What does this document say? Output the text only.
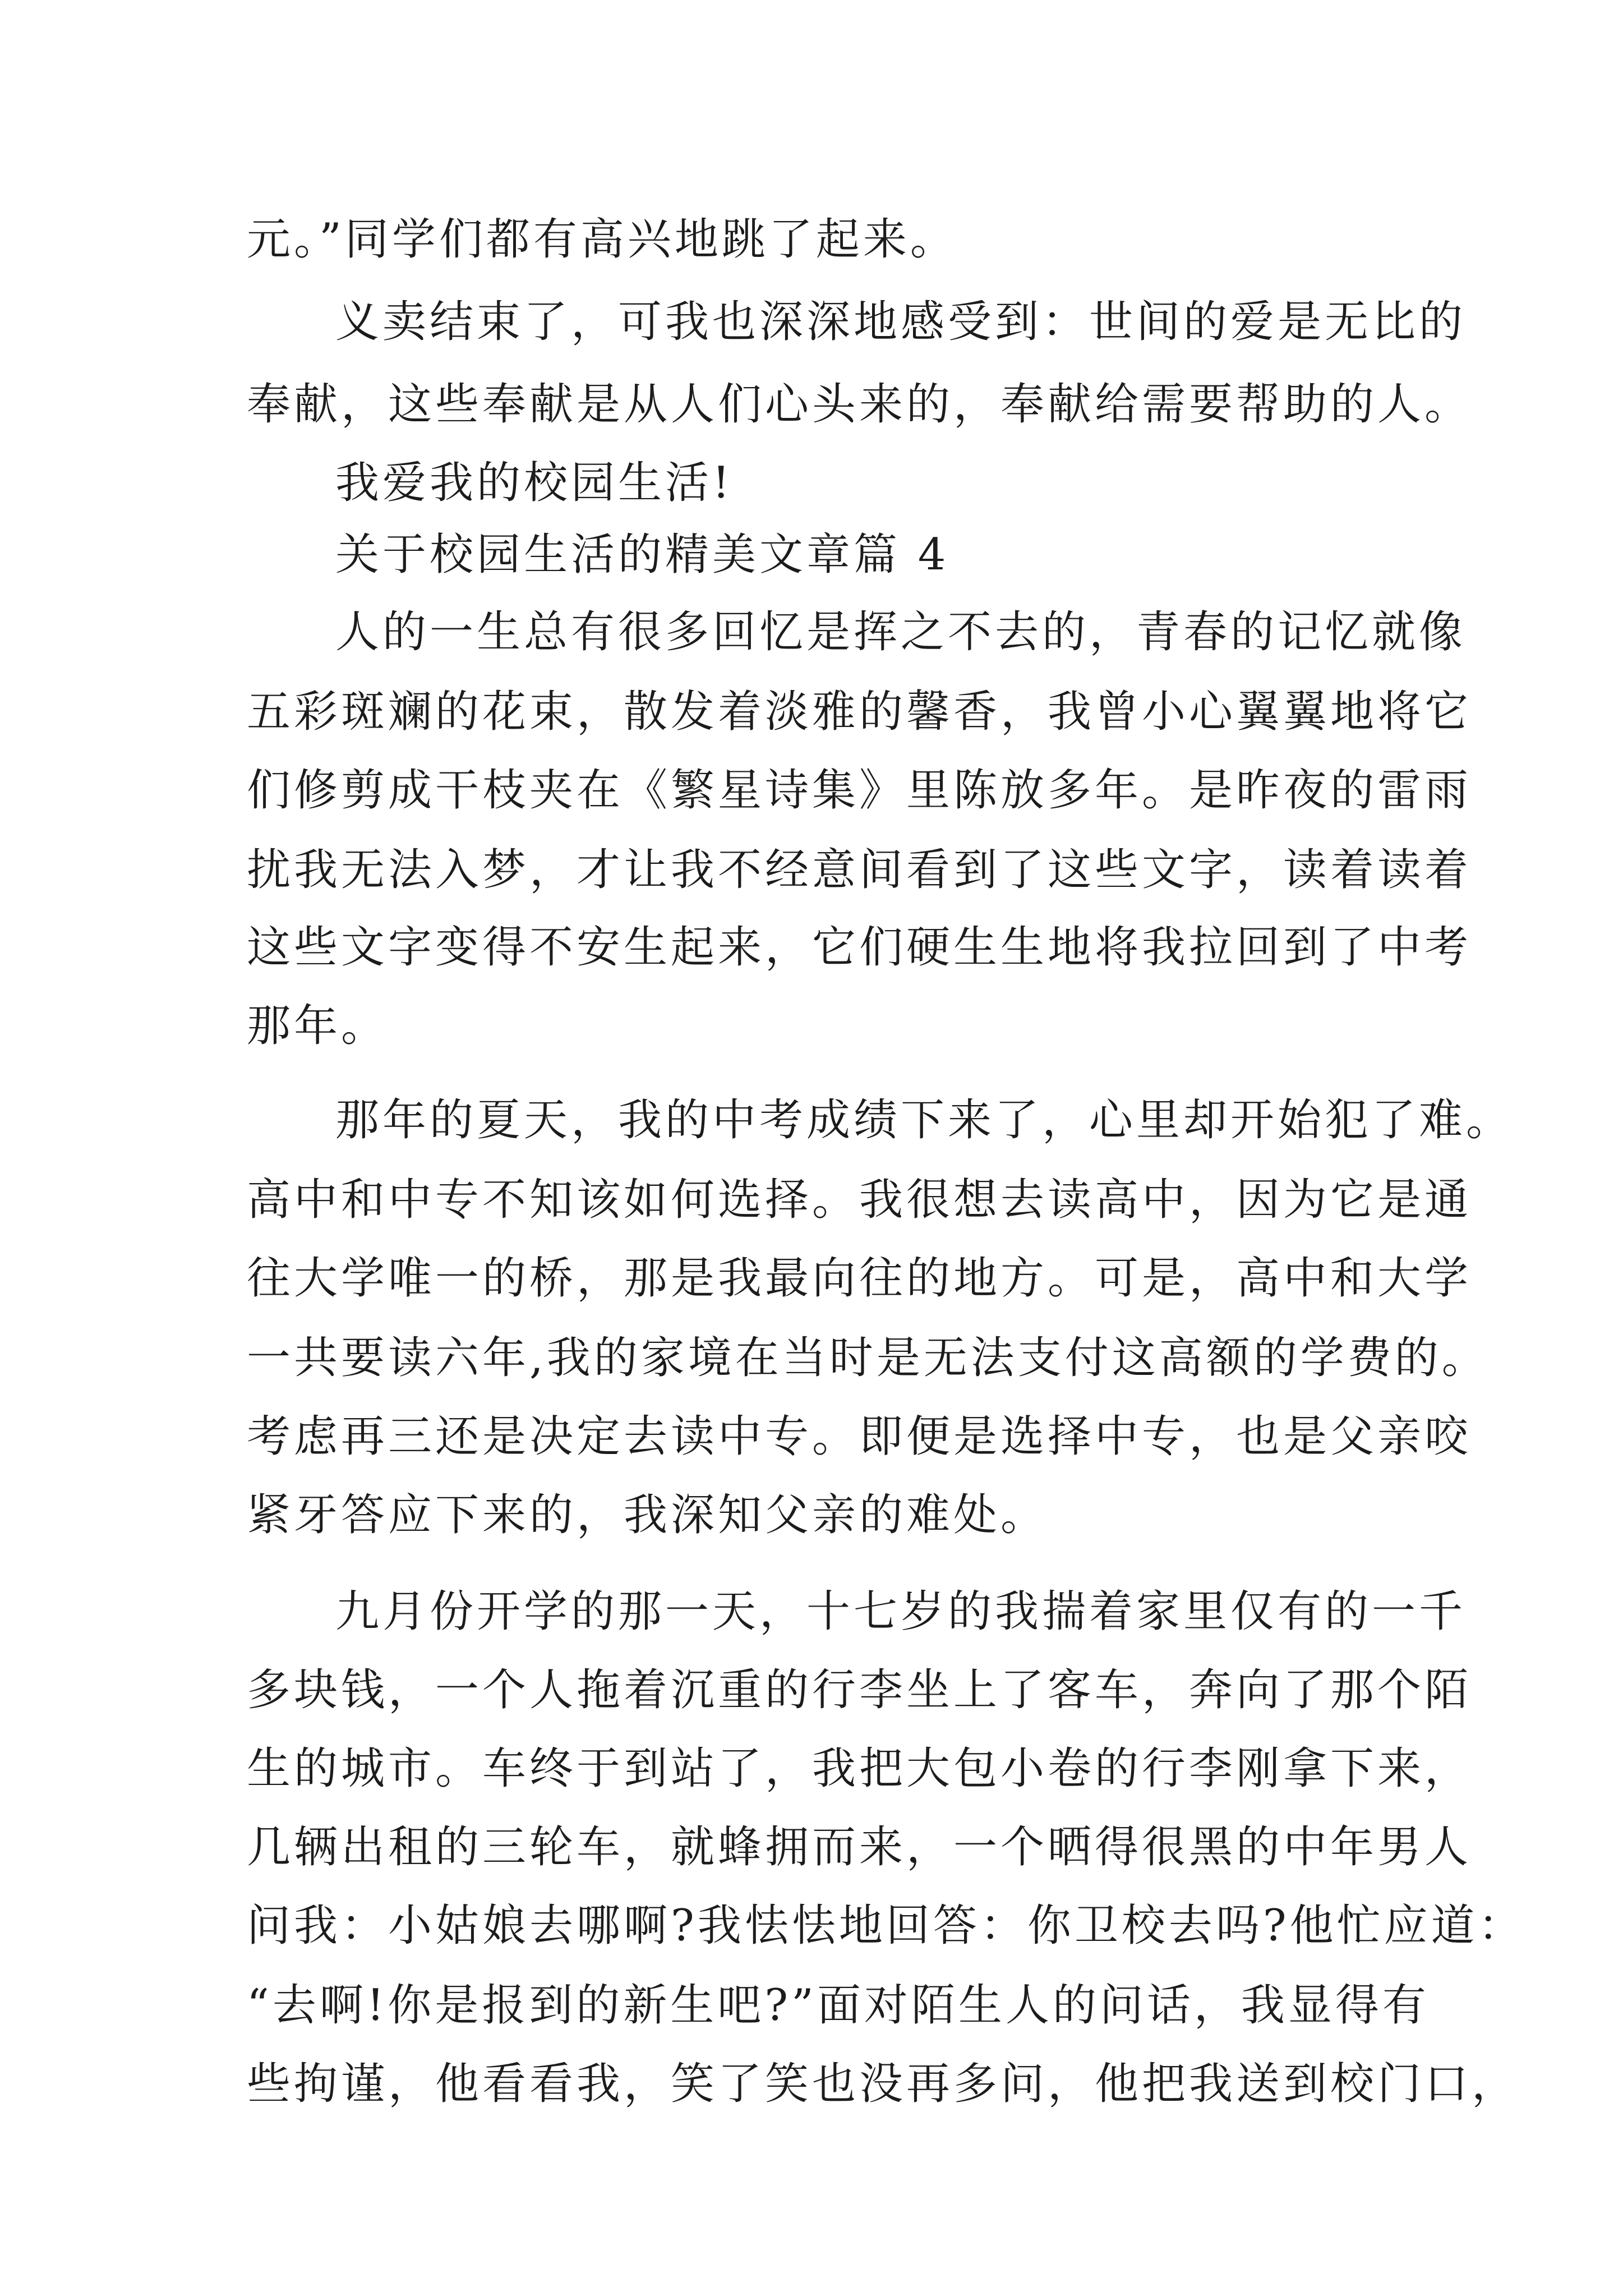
元。”同学们都有高兴地跳了起来。
义卖结束了，可我也深深地感受到：世间的爱是无比的
奉献，这些奉献是从人们心头来的，奉献给需要帮助的人。
我爱我的校园生活!
关于校园生活的精美文章篇 4
人的一生总有很多回忆是挥之不去的，青春的记忆就像
五彩斑斓的花束，散发着淡雅的馨香，我曾小心翼翼地将它
们修剪成干枝夹在《繁星诗集》里陈放多年。是昨夜的雷雨
扰我无法入梦，才让我不经意间看到了这些文字，读着读着
这些文字变得不安生起来，它们硬生生地将我拉回到了中考
那年。
那年的夏天，我的中考成绩下来了，心里却开始犯了难。
高中和中专不知该如何选择。我很想去读高中，因为它是通
往大学唯一的桥，那是我最向往的地方。可是，高中和大学
一共要读六年,我的家境在当时是无法支付这高额的学费的。
考虑再三还是决定去读中专。即便是选择中专，也是父亲咬
紧牙答应下来的，我深知父亲的难处。
九月份开学的那一天，十七岁的我揣着家里仅有的一千
多块钱，一个人拖着沉重的行李坐上了客车，奔向了那个陌
生的城市。车终于到站了，我把大包小卷的行李刚拿下来，
几辆出租的三轮车，就蜂拥而来，一个晒得很黑的中年男人
问我：小姑娘去哪啊?我怯怯地回答：你卫校去吗?他忙应道：
“去啊!你是报到的新生吧?”面对陌生人的问话，我显得有
些拘谨，他看看我，笑了笑也没再多问，他把我送到校门口，
